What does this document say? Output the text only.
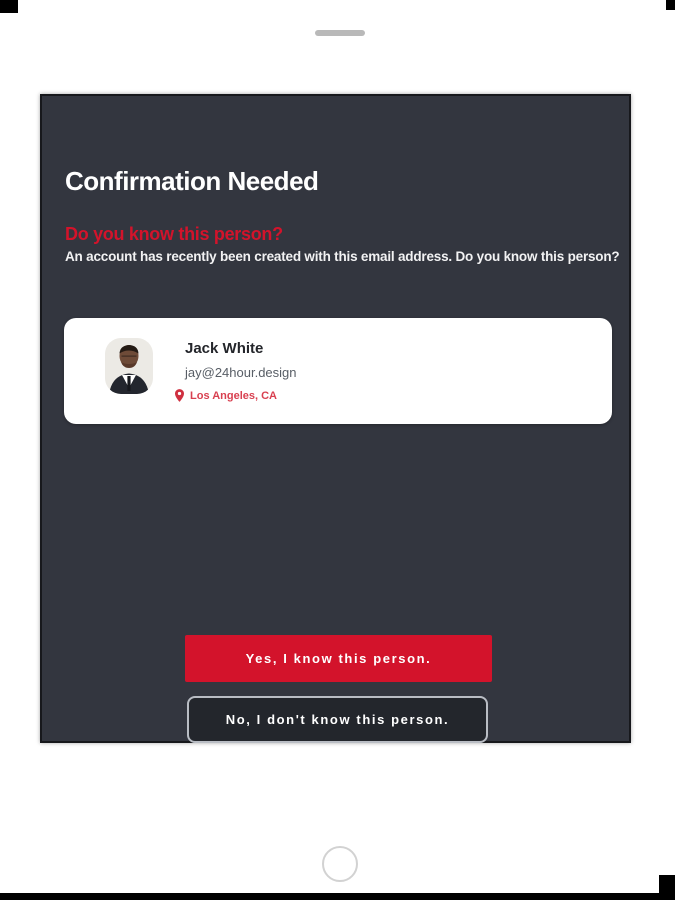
Confirmation Needed
Do you know this person?
An account has recently been created with this email address. Do you know this person?
Jack White
jay@24hour.design
Los Angeles, CA
Yes, I know this person.
No, I don't know this person.
